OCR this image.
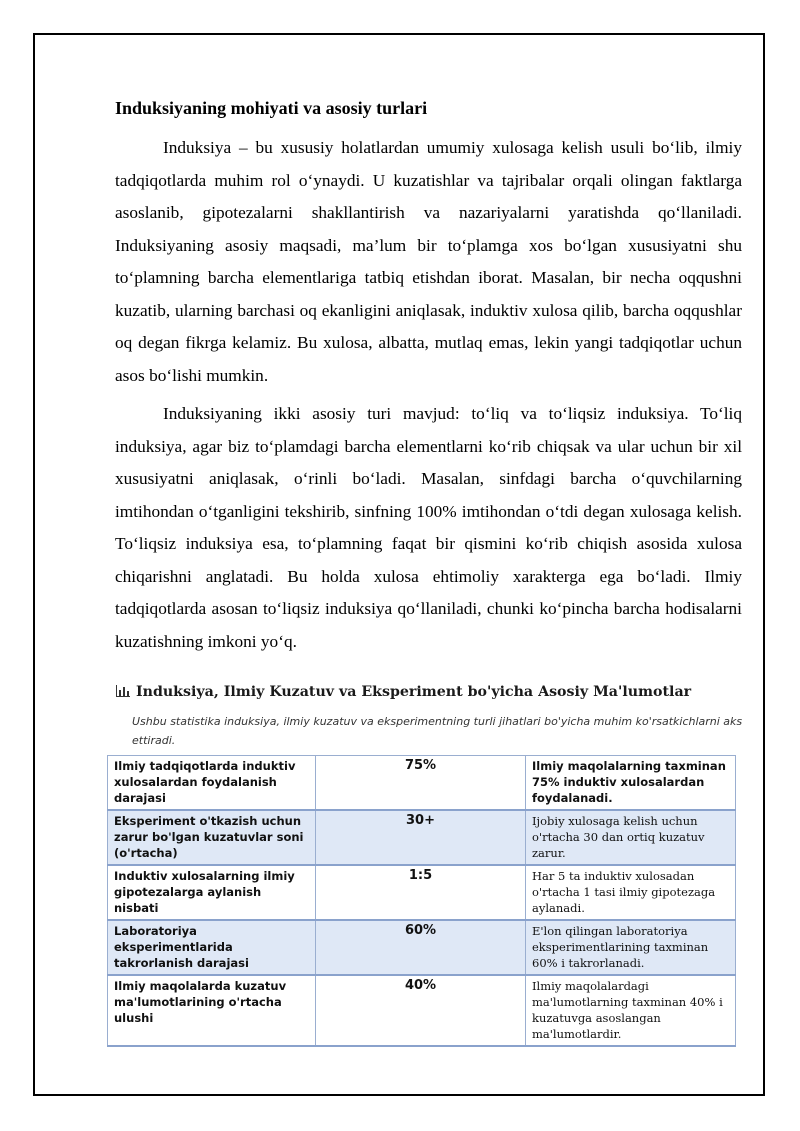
Induksiyaning mohiyati va asosiy turlari

Induksiya – bu xususiy holatlardan umumiy xulosaga kelish usuli bo‘lib, ilmiy tadqiqotlarda muhim rol o‘ynaydi. U kuzatishlar va tajribalar orqali olingan faktlarga asoslanib, gipotezalarni shakllantirish va nazariyalarni yaratishda qo‘llaniladi. Induksiyaning asosiy maqsadi, ma’lum bir to‘plamga xos bo‘lgan xususiyatni shu to‘plamning barcha elementlariga tatbiq etishdan iborat. Masalan, bir necha oqqushni kuzatib, ularning barchasi oq ekanligini aniqlasak, induktiv xulosa qilib, barcha oqqushlar oq degan fikrga kelamiz. Bu xulosa, albatta, mutlaq emas, lekin yangi tadqiqotlar uchun asos bo‘lishi mumkin.

Induksiyaning ikki asosiy turi mavjud: to‘liq va to‘liqsiz induksiya. To‘liq induksiya, agar biz to‘plamdagi barcha elementlarni ko‘rib chiqsak va ular uchun bir xil xususiyatni aniqlasak, o‘rinli bo‘ladi. Masalan, sinfdagi barcha o‘quvchilarning imtihondan o‘tganligini tekshirib, sinfning 100% imtihondan o‘tdi degan xulosaga kelish. To‘liqsiz induksiya esa, to‘plamning faqat bir qismini ko‘rib chiqish asosida xulosa chiqarishni anglatadi. Bu holda xulosa ehtimoliy xarakterga ega bo‘ladi. Ilmiy tadqiqotlarda asosan to‘liqsiz induksiya qo‘llaniladi, chunki ko‘pincha barcha hodisalarni kuzatishning imkoni yo‘q.

Induksiya, Ilmiy Kuzatuv va Eksperiment bo'yicha Asosiy Ma'lumotlar
Ushbu statistika induksiya, ilmiy kuzatuv va eksperimentning turli jihatlari bo'yicha muhim ko'rsatkichlarni aks ettiradi.
Ilmiy tadqiqotlarda induktiv xulosalardan foydalanish darajasi	75%	Ilmiy maqolalarning taxminan 75% induktiv xulosalardan foydalanadi.
Eksperiment o'tkazish uchun zarur bo'lgan kuzatuvlar soni (o'rtacha)	30+	Ijobiy xulosaga kelish uchun o'rtacha 30 dan ortiq kuzatuv zarur.
Induktiv xulosalarning ilmiy gipotezalarga aylanish nisbati	1:5	Har 5 ta induktiv xulosadan o'rtacha 1 tasi ilmiy gipotezaga aylanadi.
Laboratoriya eksperimentlarida takrorlanish darajasi	60%	E'lon qilingan laboratoriya eksperimentlarining taxminan 60% i takrorlanadi.
Ilmiy maqolalarda kuzatuv ma'lumotlarining o'rtacha ulushi	40%	Ilmiy maqolalardagi ma'lumotlarning taxminan 40% i kuzatuvga asoslangan ma'lumotlardir.
